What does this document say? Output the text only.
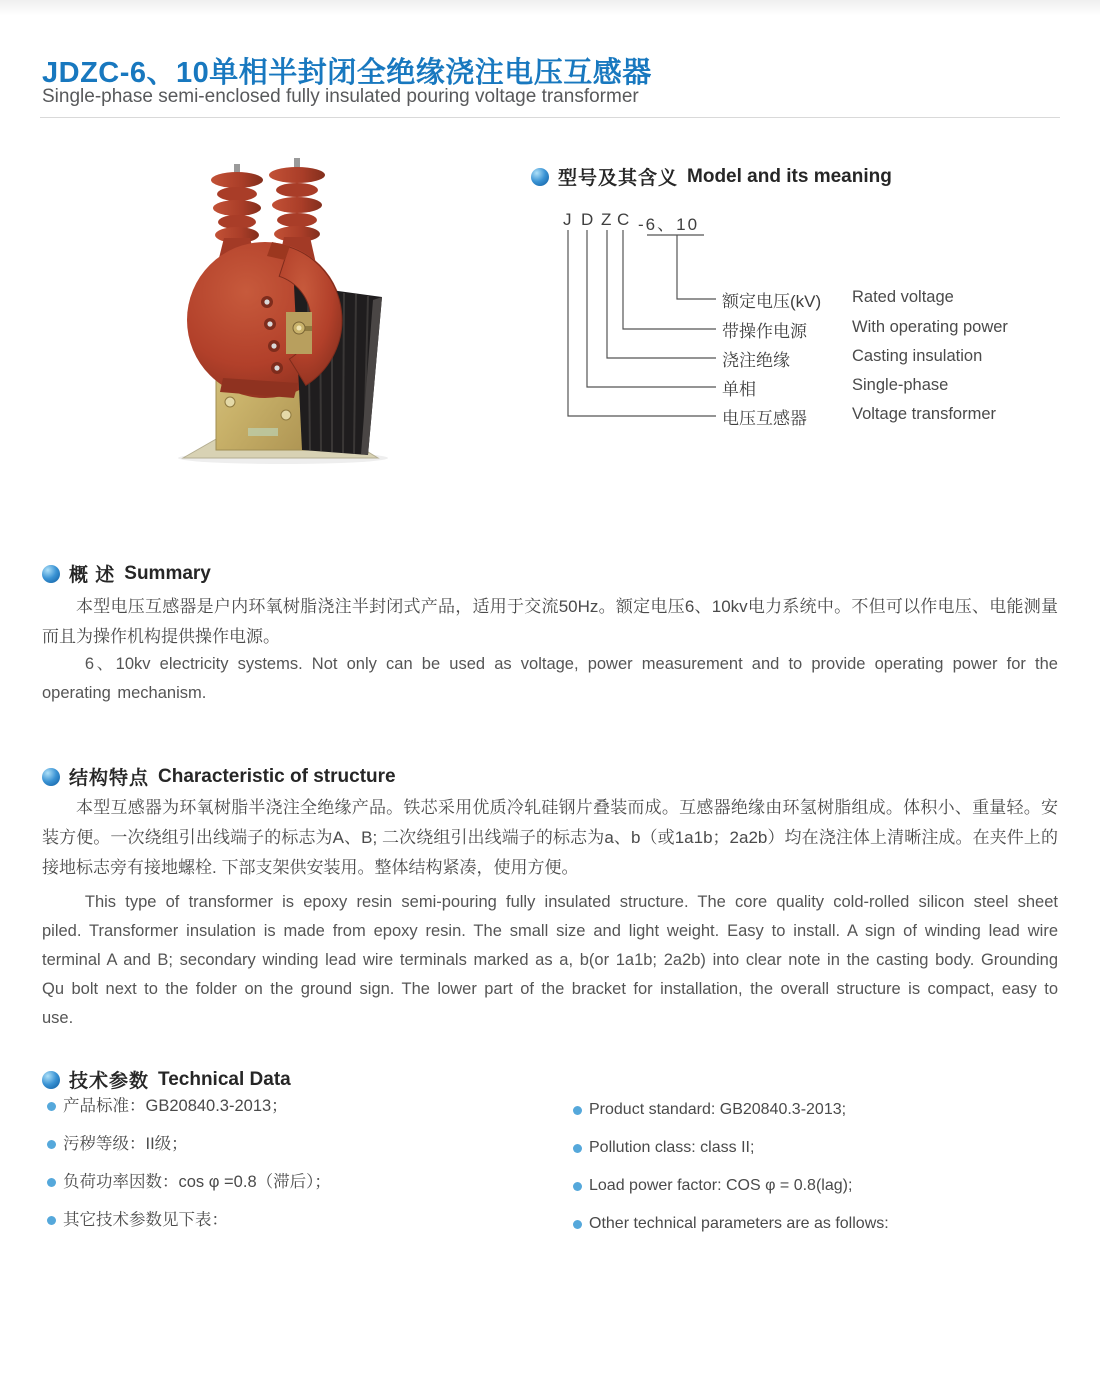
JDZC-6、10单相半封闭全绝缘浇注电压互感器
Single-phase semi-enclosed fully insulated pouring voltage transformer
型号及其含义 Model and its meaning
J D Z C -6、10
额定电压(kV) Rated voltage
带操作电源	With operating power
浇注绝缘	Casting insulation
单相	Single-phase
电压互感器	Voltage transformer
概 述 Summary
本型电压互感器是户内环氧树脂浇注半封闭式产品，适用于交流50Hz。额定电压6、10kv电力系统中。不但可以作电压、电能测量而且为操作机构提供操作电源。
6、10kv electricity systems. Not only can be used as voltage, power measurement and to provide operating power for the operating mechanism.
结构特点 Characteristic of structure
本型互感器为环氧树脂半浇注全绝缘产品。铁芯采用优质冷轧硅钢片叠装而成。互感器绝缘由环氢树脂组成。体积小、重量轻。安装方便。一次绕组引出线端子的标志为A、B; 二次绕组引出线端子的标志为a、b（或1a1b；2a2b）均在浇注体上清晰注成。在夹件上的接地标志旁有接地螺栓. 下部支架供安装用。整体结构紧凑，使用方便。
This type of transformer is epoxy resin semi-pouring fully insulated structure. The core quality cold-rolled silicon steel sheet piled. Transformer insulation is made from epoxy resin. The small size and light weight. Easy to install. A sign of winding lead wire terminal A and B; secondary winding lead wire terminals marked as a, b(or 1a1b; 2a2b) into clear note in the casting body. Grounding Qu bolt next to the folder on the ground sign. The lower part of the bracket for installation, the overall structure is compact, easy to use.
技术参数 Technical Data
产品标准：GB20840.3-2013；
污秽等级：II级；
负荷功率因数：cos φ =0.8（滞后）；
其它技术参数见下表：
Product standard: GB20840.3-2013;
Pollution class: class II;
Load power factor: COS φ = 0.8(lag);
Other technical parameters are as follows:
